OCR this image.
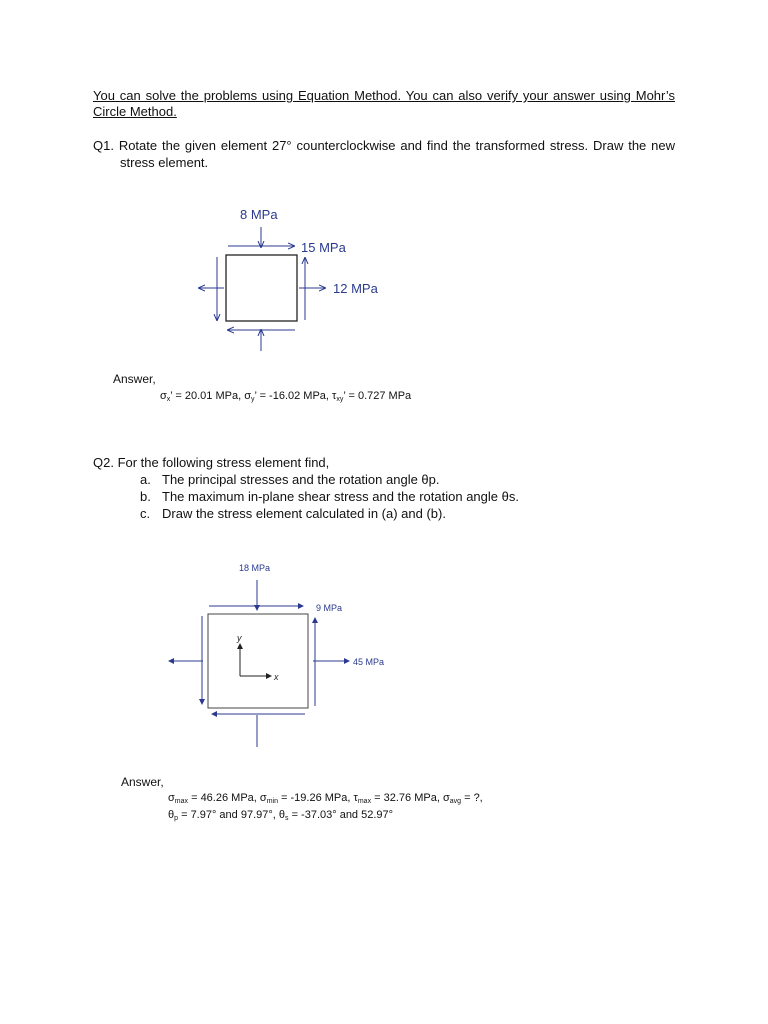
You can solve the problems using Equation Method. You can also verify your answer using Mohr’s Circle Method.
Q1. Rotate the given element 27° counterclockwise and find the transformed stress. Draw the new stress element.
8 MPa
15 MPa
12 MPa
Answer,
$\sigma_x$’ = 20.01 MPa, $\sigma_y$’ = -16.02 MPa, $\tau_{xy}$’ = 0.727 MPa
Q2. For the following stress element find,
a. The principal stresses and the rotation angle θp.
b. The maximum in-plane shear stress and the rotation angle θs.
c. Draw the stress element calculated in (a) and (b).
18 MPa
9 MPa
45 MPa
y
x
Answer,
$\sigma_{max} = 46.26$ MPa, $\sigma_{min} = -19.26$ MPa, $\tau_{max} = 32.76$ MPa, $\sigma_{avg}$ = ?,
$\theta_p = 7.97^\circ$ and 97.97°, $\theta_s = -37.03^\circ$ and 52.97°
